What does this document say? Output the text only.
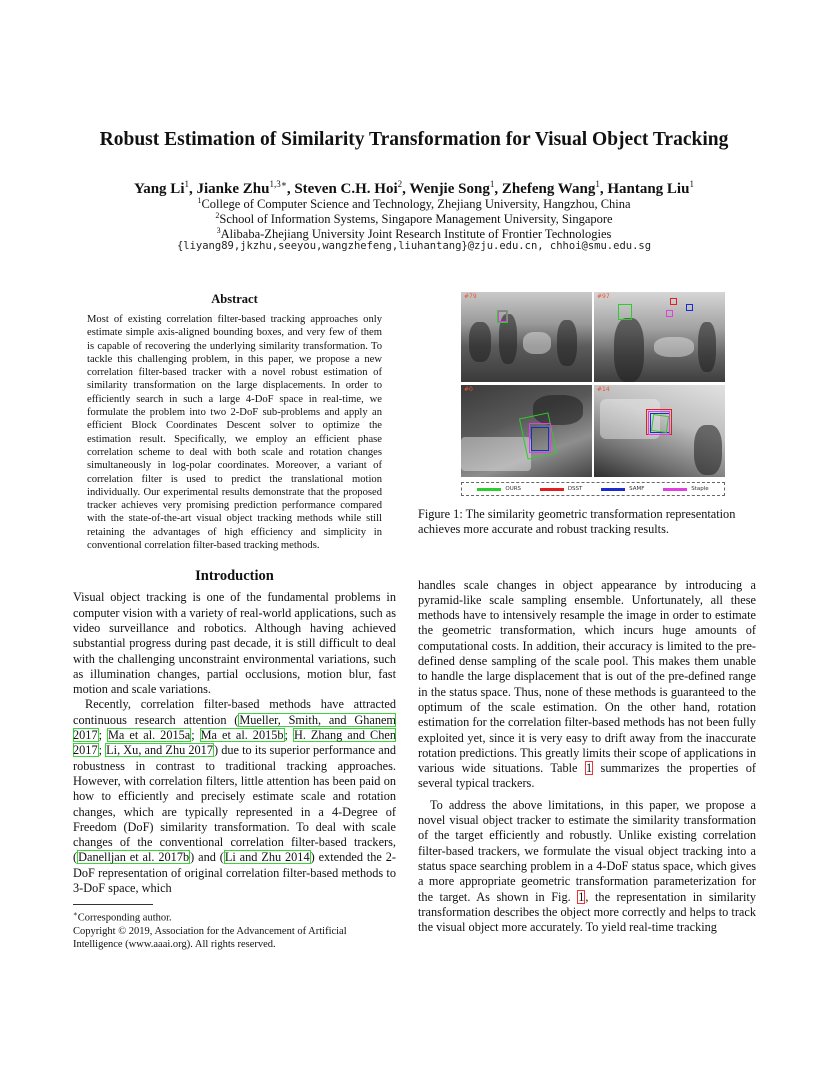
Robust Estimation of Similarity Transformation for Visual Object Tracking
Yang Li$^1$, Jianke Zhu$^{1,3∗}$, Steven C.H. Hoi$^2$, Wenjie Song$^1$, Zhefeng Wang$^1$, Hantang Liu$^1$
$^1$College of Computer Science and Technology, Zhejiang University, Hangzhou, China
$^2$School of Information Systems, Singapore Management University, Singapore
$^3$Alibaba-Zhejiang University Joint Research Institute of Frontier Technologies
{liyang89,jkzhu,seeyou,wangzhefeng,liuhantang}@zju.edu.cn, chhoi@smu.edu.sg
Abstract

Most of existing correlation filter-based tracking approaches only estimate simple axis-aligned bounding boxes, and very few of them is capable of recovering the underlying similarity transformation. To tackle this challenging problem, in this paper, we propose a new correlation filter-based tracker with a novel robust estimation of similarity transformation on the large displacements. In order to efficiently search in such a large 4-DoF space in real-time, we formulate the problem into two 2-DoF sub-problems and apply an efficient Block Coordinates Descent solver to optimize the estimation result. Specifically, we employ an efficient phase correlation scheme to deal with both scale and rotation changes simultaneously in log-polar coordinates. Moreover, a variant of correlation filter is used to predict the translational motion individually. Our experimental results demonstrate that the proposed tracker achieves very promising prediction performance compared with the state-of-the-art visual object tracking methods while still retaining the advantages of high efficiency and simplicity in conventional correlation filter-based tracking methods.

Introduction

Visual object tracking is one of the fundamental problems in computer vision with a variety of real-world applications, such as video surveillance and robotics. Although having achieved substantial progress during past decade, it is still difficult to deal with the challenging unconstraint environmental variations, such as illumination changes, partial occlusions, motion blur, fast motion and scale variations.

Recently, correlation filter-based methods have attracted continuous research attention (Mueller, Smith, and Ghanem 2017; Ma et al. 2015a; Ma et al. 2015b; H. Zhang and Chen 2017; Li, Xu, and Zhu 2017) due to its superior performance and robustness in contrast to traditional tracking approaches. However, with correlation filters, little attention has been paid on how to efficiently and precisely estimate scale and rotation changes, which are typically represented in a 4-Degree of Freedom (DoF) similarity transformation. To deal with scale changes of the conventional correlation filter-based trackers, (Danelljan et al. 2017b) and (Li and Zhu 2014) extended the 2-DoF representation of original correlation filter-based methods to 3-DoF space, which

∗Corresponding author.

Copyright © 2019, Association for the Advancement of Artificial Intelligence (www.aaai.org). All rights reserved.

#79	#97
#0	#14
OURS	DSST	SAMF	Staple

Figure 1: The similarity geometric transformation representation achieves more accurate and robust tracking results.

handles scale changes in object appearance by introducing a pyramid-like scale sampling ensemble. Unfortunately, all these methods have to intensively resample the image in order to estimate the geometric transformation, which incurs huge amounts of computational costs. In addition, their accuracy is limited to the pre-defined dense sampling of the scale pool. This makes them unable to handle the large displacement that is out of the pre-defined range in the status space. Thus, none of these methods is guaranteed to the optimum of the scale estimation. On the other hand, rotation estimation for the correlation filter-based methods has not been fully exploited yet, since it is very easy to drift away from the inaccurate rotation predictions. This greatly limits their scope of applications in various wide situations. Table 1 summarizes the properties of several typical trackers.

To address the above limitations, in this paper, we propose a novel visual object tracker to estimate the similarity transformation of the target efficiently and robustly. Unlike existing correlation filter-based trackers, we formulate the visual object tracking into a status space searching problem in a 4-DoF status space, which gives a more appropriate geometric transformation parameterization for the target. As shown in Fig. 1, the representation in similarity transformation describes the object more correctly and helps to track the visual object more accurately. To yield real-time tracking
